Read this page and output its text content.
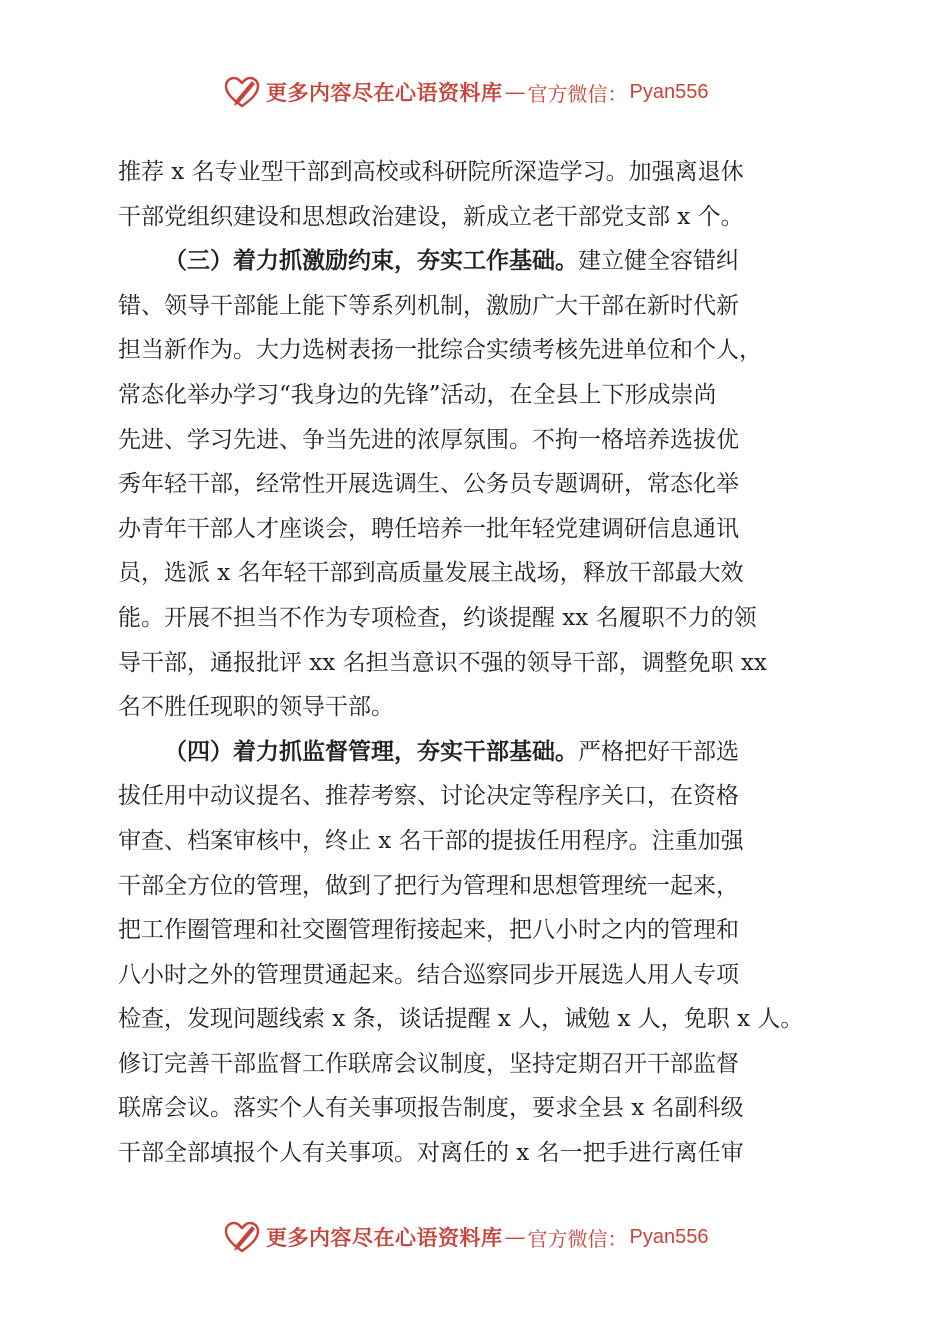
更多内容尽在心语资料库 — 官方微信： Pyan556
推荐 x 名专业型干部到高校或科研院所深造学习。加强离退休
干部党组织建设和思想政治建设，新成立老干部党支部 x 个。
（三）着力抓激励约束，夯实工作基础。建立健全容错纠
错、领导干部能上能下等系列机制，激励广大干部在新时代新
担当新作为。大力选树表扬一批综合实绩考核先进单位和个人，
常态化举办学习“我身边的先锋”活动，在全县上下形成崇尚
先进、学习先进、争当先进的浓厚氛围。不拘一格培养选拔优
秀年轻干部，经常性开展选调生、公务员专题调研，常态化举
办青年干部人才座谈会，聘任培养一批年轻党建调研信息通讯
员，选派 x 名年轻干部到高质量发展主战场，释放干部最大效
能。开展不担当不作为专项检查，约谈提醒 xx 名履职不力的领
导干部，通报批评 xx 名担当意识不强的领导干部，调整免职 xx
名不胜任现职的领导干部。
（四）着力抓监督管理，夯实干部基础。严格把好干部选
拔任用中动议提名、推荐考察、讨论决定等程序关口，在资格
审查、档案审核中，终止 x 名干部的提拔任用程序。注重加强
干部全方位的管理，做到了把行为管理和思想管理统一起来，
把工作圈管理和社交圈管理衔接起来，把八小时之内的管理和
八小时之外的管理贯通起来。结合巡察同步开展选人用人专项
检查，发现问题线索 x 条，谈话提醒 x 人，诫勉 x 人，免职 x 人。
修订完善干部监督工作联席会议制度，坚持定期召开干部监督
联席会议。落实个人有关事项报告制度，要求全县 x 名副科级
干部全部填报个人有关事项。对离任的 x 名一把手进行离任审
更多内容尽在心语资料库 — 官方微信： Pyan556
